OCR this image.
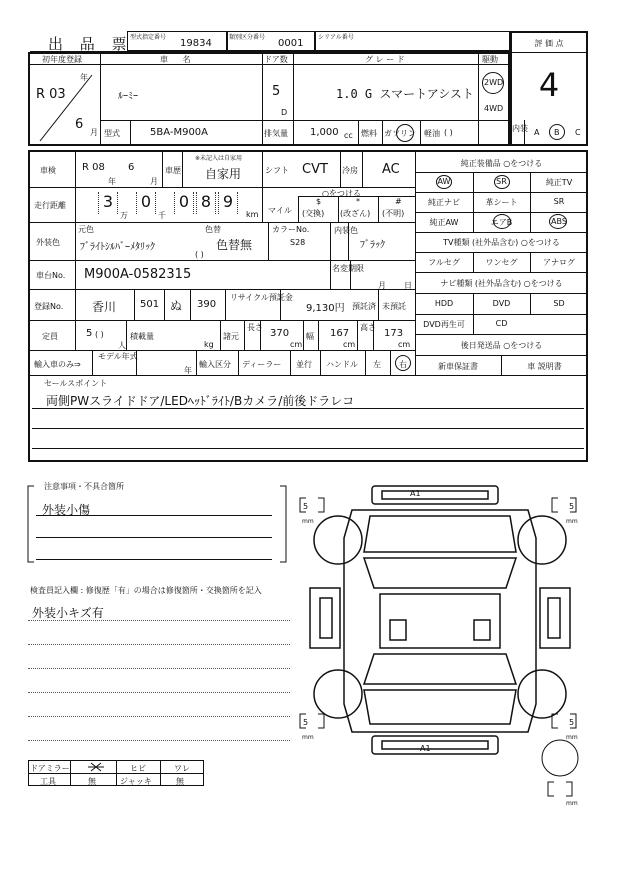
出 品 票
型式指定番号
19834
類別区分番号
0001
シリアル番号
評 価 点
4
初年度登録	車 名	ドア数	グ レ ー ド	駆動
R 03
年
6
月
ﾙｰﾐｰ	5
D
1.0 G スマートアシスト
2WD
4WD
型式	5BA-M900A	排気量 1,000 cc 燃料 ガソリン 軽油 ( )	内装 A B C
車検	R 08
年
6
月
車歴
※未記入は自家用
自家用	シフト CVT 冷房 AC
走行距離	3	0	0 8 9
万	千	km マイル
○をつける
$
(交換)
*
(改ざん)
#
(不明)
外装色
元色
ﾌﾞﾗｲﾄｼﾙﾊﾞｰﾒﾀﾘｯｸ
色替
色替無
( )
カラーNo.
S28
内装色
ﾌﾞﾗｯｸ
車台No. M900A-0582315	名変期限
月 日
登録No. 香川 501 ぬ 390
リサイクル預託金
9,130円 預託済 未預託
定員	5 ( )
人
積載量
kg
諸元
長さ
370
cm
幅 167
cm
高さ
173
cm
輸入車のみ⇒
モデル年式
年
輸入区分 ディーラー 並行 ハンドル 左 右
純正装備品 ○をつける
AW	SR	純正TV
純正ナビ	革シート	SR
純正AW	エアB	ABS
TV種類 (社外品含む) ○をつける
フルセグ	ワンセグ	アナログ
ナビ種類 (社外品含む) ○をつける
HDD	DVD	SD
DVD再生可	CD
後日発送品 ○をつける
新車保証書	車 説明書
セールスポイント
両側PWスライドドア/LEDﾍｯﾄﾞﾗｲﾄ/Bカメラ/前後ドラレコ
注意事項・不具合箇所
外装小傷
検査員記入欄 : 修復歴「有」の場合は修復箇所・交換箇所を記入
外装小キズ有
ドアミラー	ヒビ	ワレ
工具	無	ジャッキ	無
A1
A1
5
mm
5
mm
5
mm
5
mm
mm
